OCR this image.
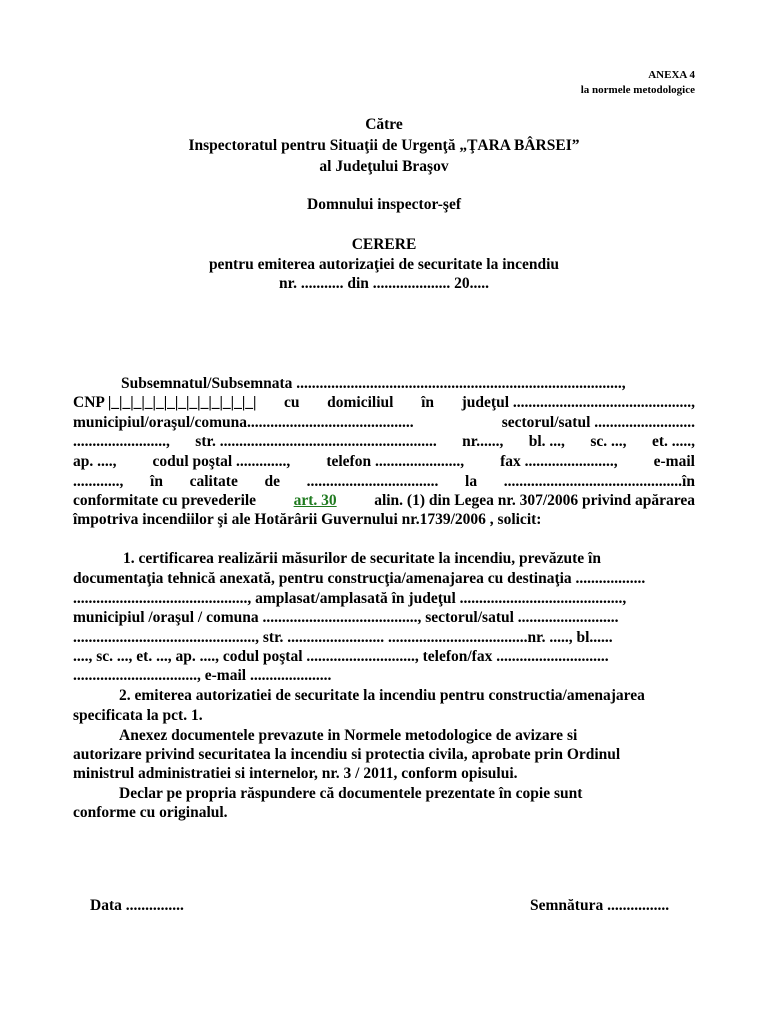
ANEXA 4
la normele metodologice
Către
Inspectoratul pentru Situaţii de Urgenţă „ŢARA BÂRSEI”
al Judeţului Braşov
Domnului inspector-şef
CERERE
pentru emiterea autorizaţiei de securitate la incendiu
nr. ........... din .................... 20.....
Subsemnatul/Subsemnata ....................................................................................,
CNP |_|_|_|_|_|_|_|_|_|_|_|_|_| cu domiciliul în judeţul ..............................................,
municipiul/oraşul/comuna...........................................	sectorul/satul ..........................
........................, str. ........................................................ nr......, bl. ..., sc. ..., et. .....,
ap. ...., codul poştal ............., telefon ......................, fax ......................., e-mail
............, în calitate de .................................. la ..............................................în
conformitate cu prevederile art. 30 alin. (1) din Legea nr. 307/2006 privind apărarea
împotriva incendiilor şi ale Hotărârii Guvernului nr.1739/2006 , solicit:
1. certificarea realizării măsurilor de securitate la incendiu, prevăzute în
documentaţia tehnică anexată, pentru construcţia/amenajarea cu destinaţia ..................
............................................., amplasat/amplasată în judeţul ..........................................,
municipiul /oraşul / comuna ........................................, sectorul/satul ..........................
..............................................., str. ......................... ....................................nr. ....., bl......
...., sc. ..., et. ..., ap. ...., codul poştal ............................, telefon/fax .............................
................................, e-mail .....................
2. emiterea autorizatiei de securitate la incendiu pentru constructia/amenajarea
specificata la pct. 1.
Anexez documentele prevazute in Normele metodologice de avizare si
autorizare privind securitatea la incendiu si protectia civila, aprobate prin Ordinul
ministrul administratiei si internelor, nr. 3 / 2011, conform opisului.
Declar pe propria răspundere că documentele prezentate în copie sunt
conforme cu originalul.
Data ...............	Semnătura ................
